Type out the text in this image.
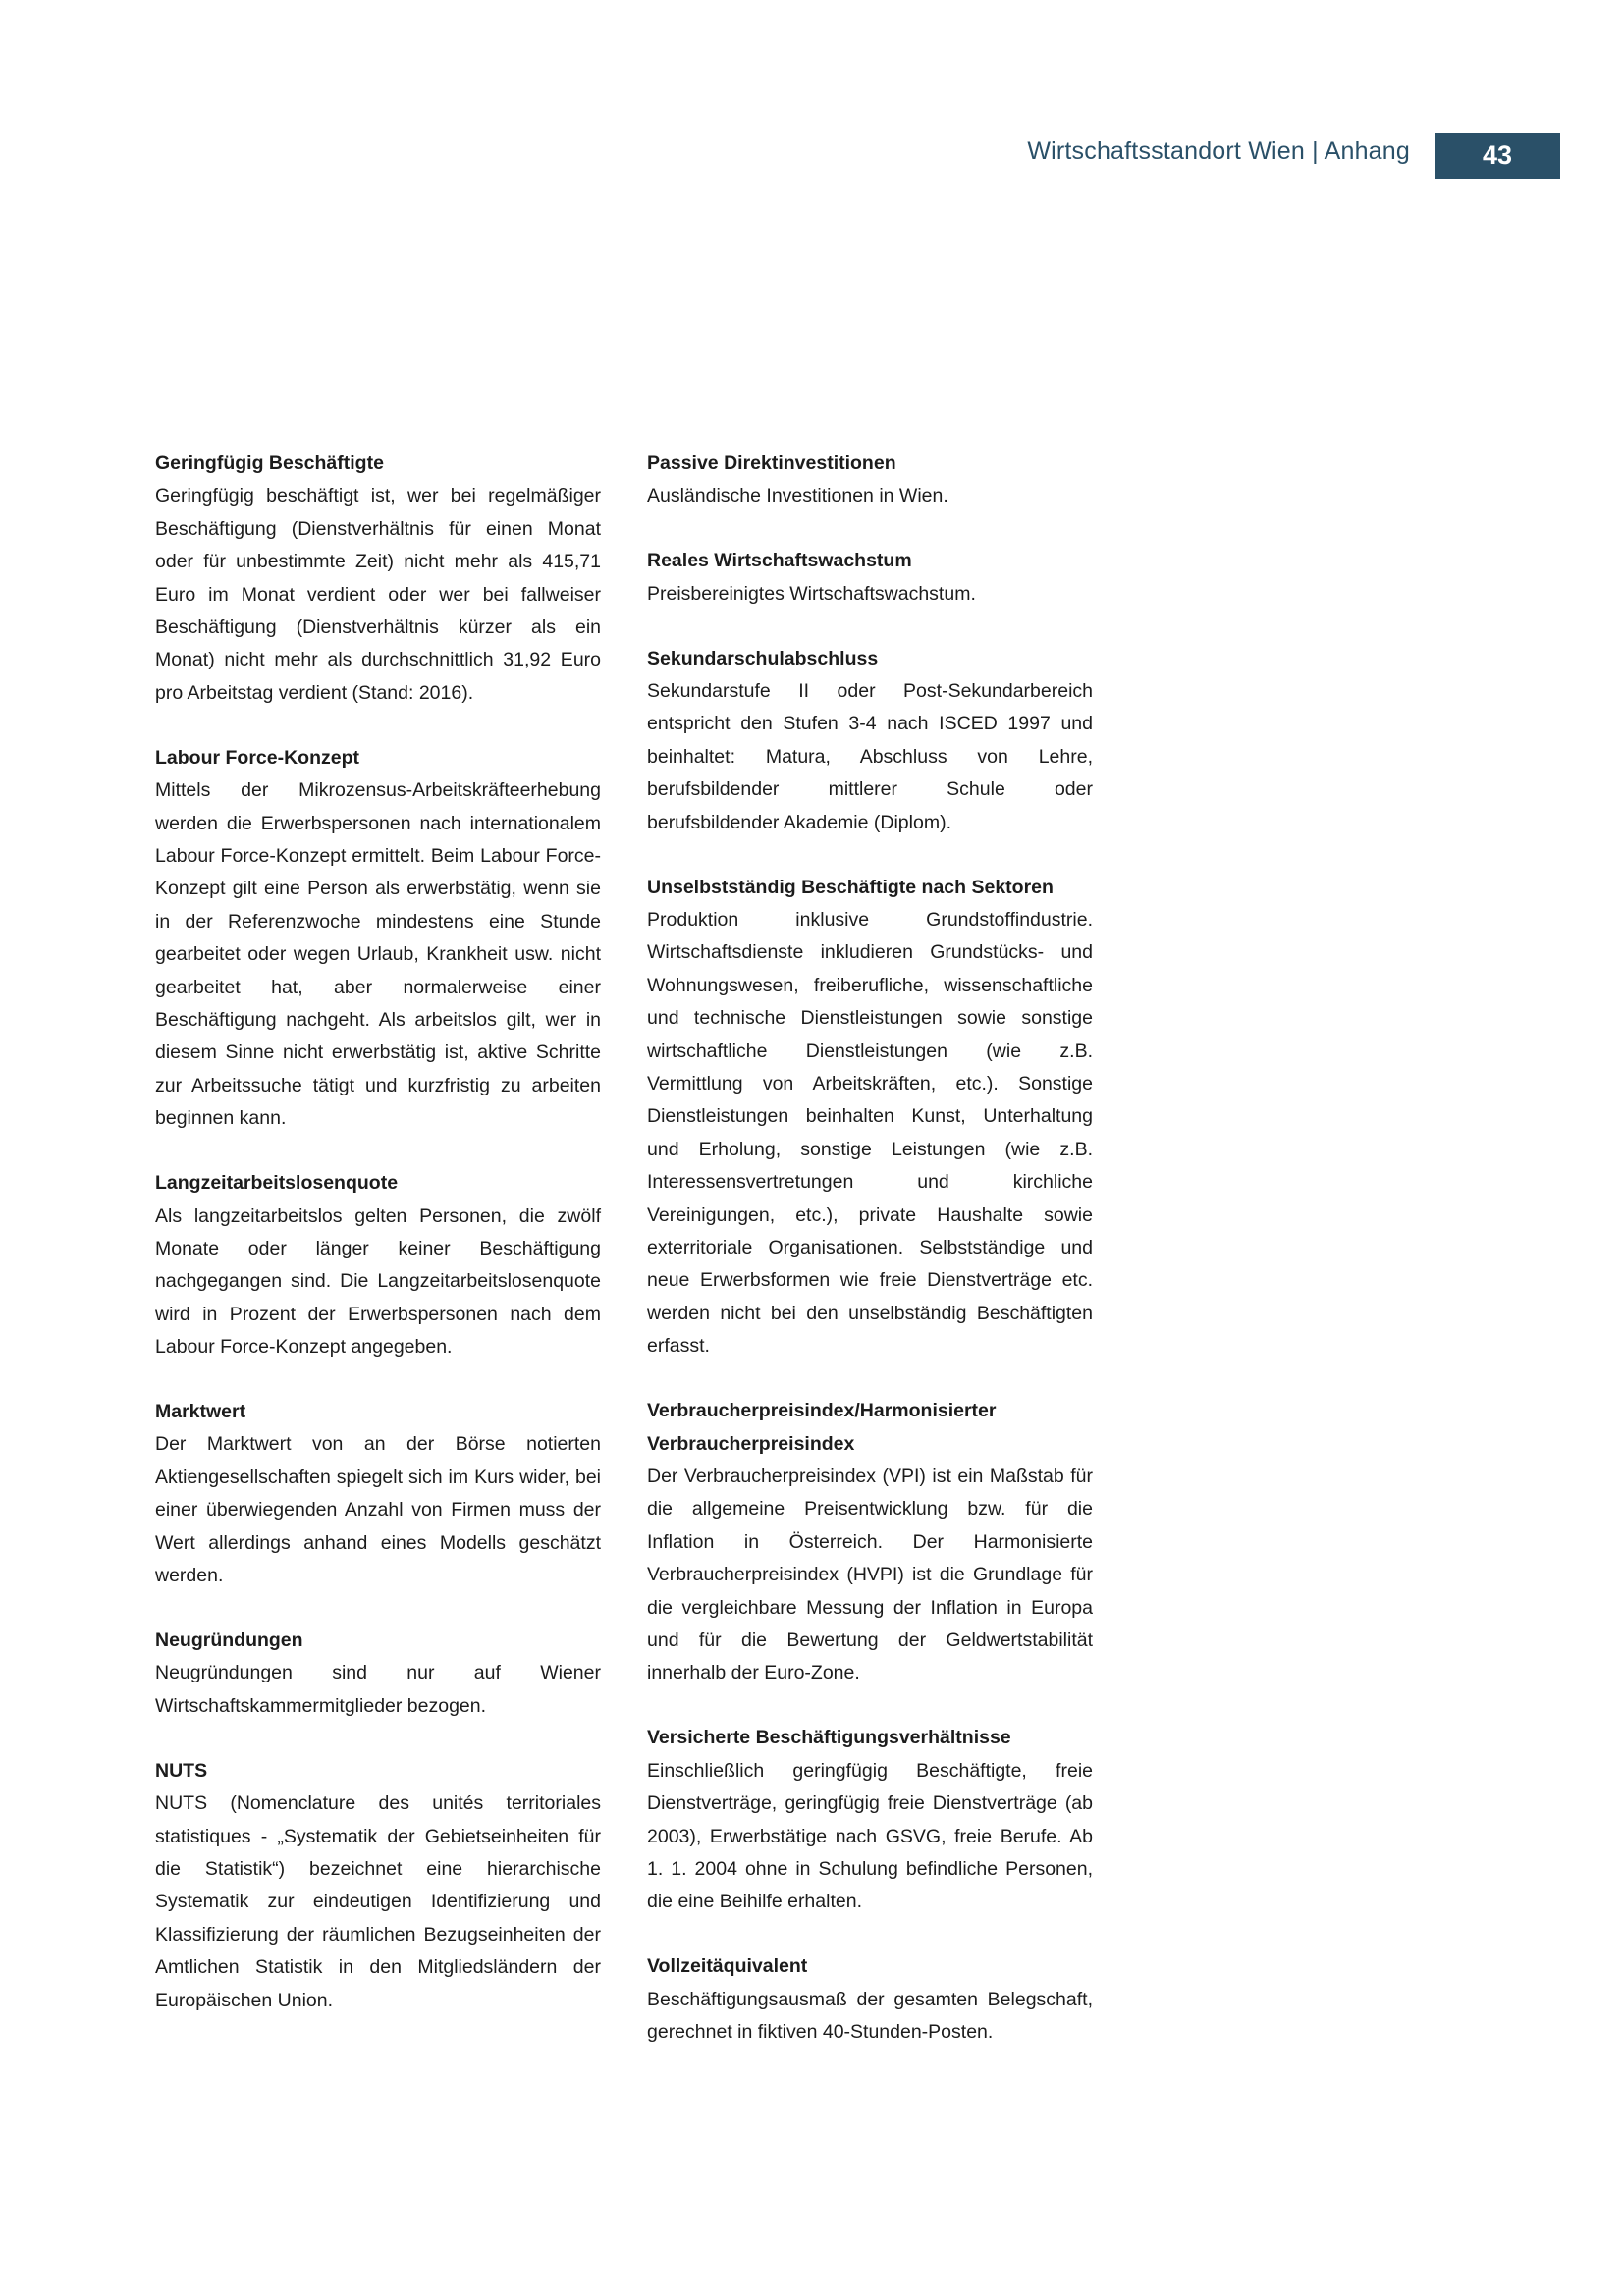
Wirtschaftsstandort Wien | Anhang	43

Geringfügig Beschäftigte

Geringfügig beschäftigt ist, wer bei regelmäßiger Beschäftigung (Dienstverhältnis für einen Monat oder für unbestimmte Zeit) nicht mehr als 415,71 Euro im Monat verdient oder wer bei fallweiser Beschäftigung (Dienstverhältnis kürzer als ein Monat) nicht mehr als durchschnittlich 31,92 Euro pro Arbeitstag verdient (Stand: 2016).

Labour Force-Konzept

Mittels der Mikrozensus-Arbeitskräfteerhebung werden die Erwerbspersonen nach internationalem Labour Force-Konzept ermittelt. Beim Labour Force-Konzept gilt eine Person als erwerbstätig, wenn sie in der Referenzwoche mindestens eine Stunde gearbeitet oder wegen Urlaub, Krankheit usw. nicht gearbeitet hat, aber normalerweise einer Beschäftigung nachgeht. Als arbeitslos gilt, wer in diesem Sinne nicht erwerbstätig ist, aktive Schritte zur Arbeitssuche tätigt und kurzfristig zu arbeiten beginnen kann.

Langzeitarbeitslosenquote

Als langzeitarbeitslos gelten Personen, die zwölf Monate oder länger keiner Beschäftigung nachgegangen sind. Die Langzeitarbeitslosenquote wird in Prozent der Erwerbspersonen nach dem Labour Force-Konzept angegeben.

Marktwert

Der Marktwert von an der Börse notierten Aktiengesellschaften spiegelt sich im Kurs wider, bei einer überwiegenden Anzahl von Firmen muss der Wert allerdings anhand eines Modells geschätzt werden.

Neugründungen

Neugründungen sind nur auf Wiener Wirtschaftskammermitglieder bezogen.

NUTS

NUTS (Nomenclature des unités territoriales statistiques - „Systematik der Gebietseinheiten für die Statistik“) bezeichnet eine hierarchische Systematik zur eindeutigen Identifizierung und Klassifizierung der räumlichen Bezugseinheiten der Amtlichen Statistik in den Mitgliedsländern der Europäischen Union.

Passive Direktinvestitionen

Ausländische Investitionen in Wien.

Reales Wirtschaftswachstum

Preisbereinigtes Wirtschaftswachstum.

Sekundarschulabschluss

Sekundarstufe II oder Post-Sekundarbereich entspricht den Stufen 3-4 nach ISCED 1997 und beinhaltet: Matura, Abschluss von Lehre, berufsbildender mittlerer Schule oder berufsbildender Akademie (Diplom).

Unselbstständig Beschäftigte nach Sektoren

Produktion inklusive Grundstoffindustrie. Wirtschaftsdienste inkludieren Grundstücks- und Wohnungswesen, freiberufliche, wissenschaftliche und technische Dienstleistungen sowie sonstige wirtschaftliche Dienstleistungen (wie z.B. Vermittlung von Arbeitskräften, etc.). Sonstige Dienstleistungen beinhalten Kunst, Unterhaltung und Erholung, sonstige Leistungen (wie z.B. Interessensvertretungen und kirchliche Vereinigungen, etc.), private Haushalte sowie exterritoriale Organisationen. Selbstständige und neue Erwerbsformen wie freie Dienstverträge etc. werden nicht bei den unselbständig Beschäftigten erfasst.

Verbraucherpreisindex/Harmonisierter Verbraucherpreisindex

Der Verbraucherpreisindex (VPI) ist ein Maßstab für die allgemeine Preisentwicklung bzw. für die Inflation in Österreich. Der Harmonisierte Verbraucherpreisindex (HVPI) ist die Grundlage für die vergleichbare Messung der Inflation in Europa und für die Bewertung der Geldwertstabilität innerhalb der Euro-Zone.

Versicherte Beschäftigungsverhältnisse

Einschließlich geringfügig Beschäftigte, freie Dienstverträge, geringfügig freie Dienstverträge (ab 2003), Erwerbstätige nach GSVG, freie Berufe. Ab 1. 1. 2004 ohne in Schulung befindliche Personen, die eine Beihilfe erhalten.

Vollzeitäquivalent

Beschäftigungsausmaß der gesamten Belegschaft, gerechnet in fiktiven 40-Stunden-Posten.
